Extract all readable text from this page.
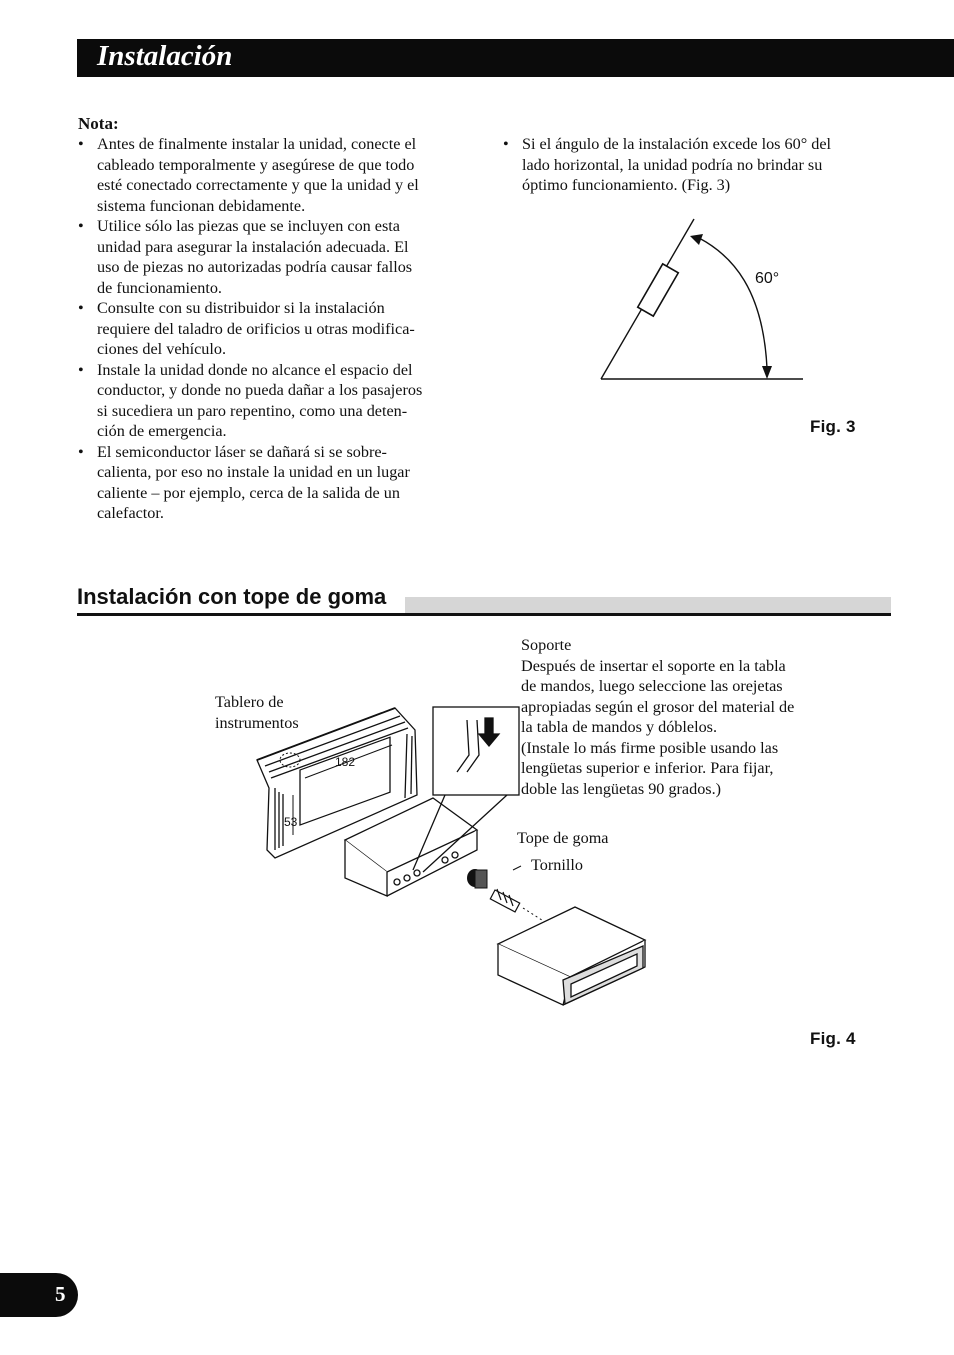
Instalación
Nota:
• Antes de finalmente instalar la unidad, conecte el
cableado temporalmente y asegúrese de que todo
esté conectado correctamente y que la unidad y el
sistema funcionan debidamente.
• Utilice sólo las piezas que se incluyen con esta
unidad para asegurar la instalación adecuada. El
uso de piezas no autorizadas podría causar fallos
de funcionamiento.
• Consulte con su distribuidor si la instalación
requiere del taladro de orificios u otras modifica-
ciones del vehículo.
• Instale la unidad donde no alcance el espacio del
conductor, y donde no pueda dañar a los pasajeros
si sucediera un paro repentino, como una deten-
ción de emergencia.
• El semiconductor láser se dañará si se sobre-
calienta, por eso no instale la unidad en un lugar
caliente – por ejemplo, cerca de la salida de un
calefactor.
• Si el ángulo de la instalación excede los 60° del
lado horizontal, la unidad podría no brindar su
óptimo funcionamiento. (Fig. 3)
60°
Fig. 3
Instalación con tope de goma
Soporte
Después de insertar el soporte en la tabla
de mandos, luego seleccione las orejetas
apropiadas según el grosor del material de
la tabla de mandos y dóblelos.
(Instale lo más firme posible usando las
lengüetas superior e inferior. Para fijar,
doble las lengüetas 90 grados.)
Tablero de
instrumentos
Tope de goma
Tornillo
182
53
Fig. 4
5
